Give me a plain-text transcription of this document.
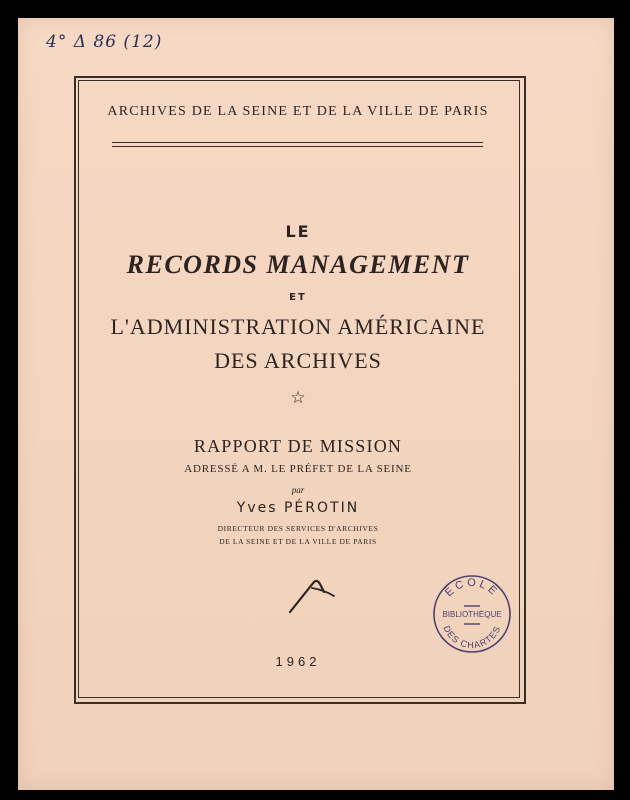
4° Δ 86 (12)
ARCHIVES DE LA SEINE ET DE LA VILLE DE PARIS
LE
RECORDS MANAGEMENT
ET
L'ADMINISTRATION AMÉRICAINE
DES ARCHIVES
☆
RAPPORT DE MISSION
ADRESSÉ A M. LE PRÉFET DE LA SEINE
par
Yves PÉROTIN
DIRECTEUR DES SERVICES D'ARCHIVES
DE LA SEINE ET DE LA VILLE DE PARIS
ÉCOLE
BIBLIOTHÈQUE
DES CHARTES
1962
